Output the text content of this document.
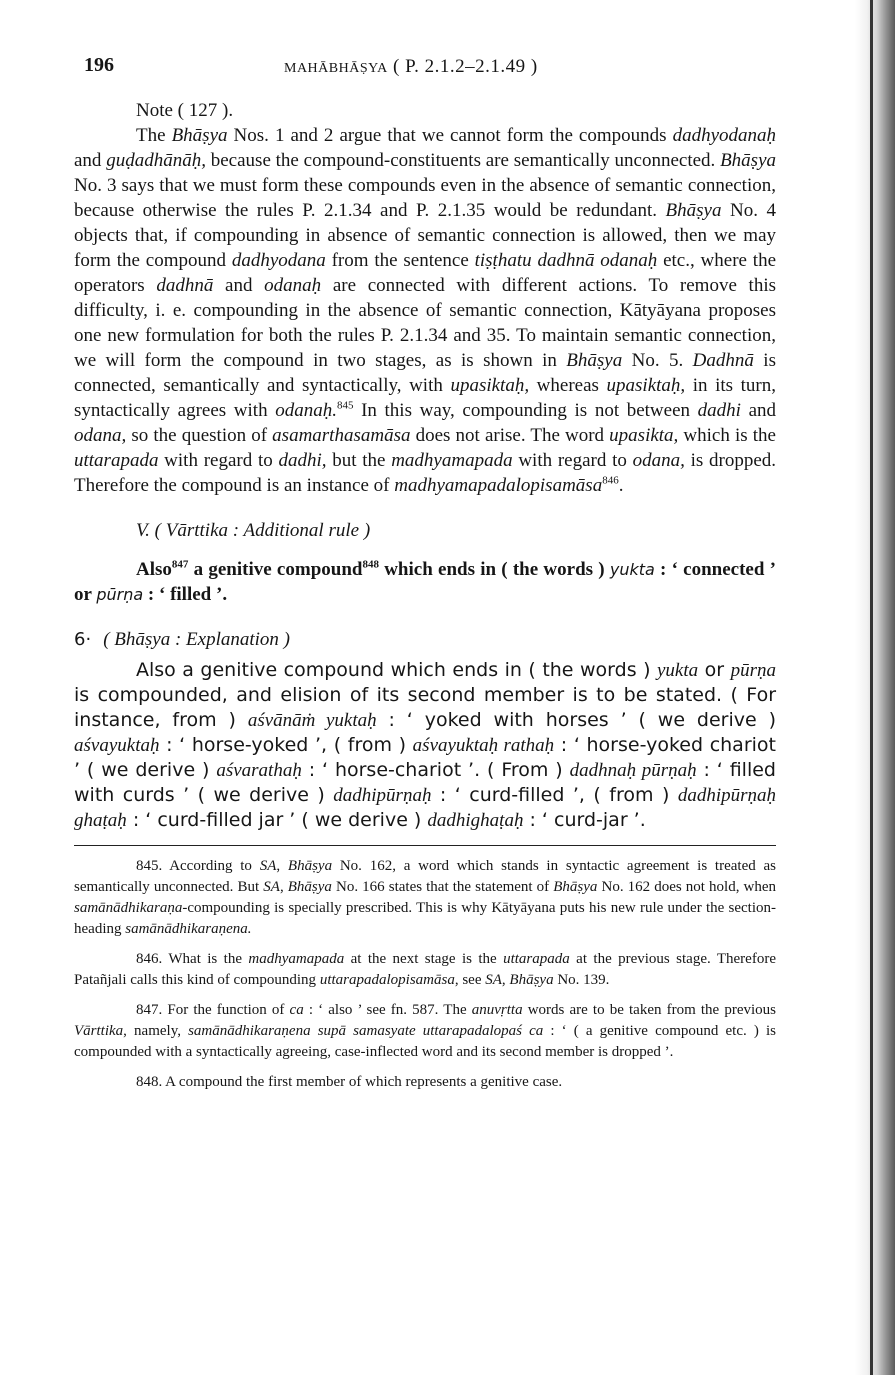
196	MAHĀBHĀṢYA ( P. 2.1.2–2.1.49 )

Note ( 127 ).

The Bhāṣya Nos. 1 and 2 argue that we cannot form the compounds dadhyodanaḥ and guḍadhānāḥ, because the compound-constituents are semantically unconnected. Bhāṣya No. 3 says that we must form these compounds even in the absence of semantic connection, because otherwise the rules P. 2.1.34 and P. 2.1.35 would be redundant. Bhāṣya No. 4 objects that, if compounding in absence of semantic connection is allowed, then we may form the compound dadhyodana from the sentence tiṣṭhatu dadhnā odanaḥ etc., where the operators dadhnā and odanaḥ are connected with different actions. To remove this difficulty, i. e. compounding in the absence of semantic connection, Kātyāyana proposes one new formulation for both the rules P. 2.1.34 and 35. To maintain semantic connection, we will form the compound in two stages, as is shown in Bhāṣya No. 5. Dadhnā is connected, semantically and syntactically, with upasiktaḥ, whereas upasiktaḥ, in its turn, syntactically agrees with odanaḥ.$^{845}$ In this way, compounding is not between dadhi and odana, so the question of asamarthasamāsa does not arise. The word upasikta, which is the uttarapada with regard to dadhi, but the madhyamapada with regard to odana, is dropped. Therefore the compound is an instance of madhyamapadalopisamāsa$^{846}$.

V. ( Vārttika : Additional rule )

Also$^{847}$ a genitive compound$^{848}$ which ends in ( the words ) yukta : ‘ connected ’ or pūrṇa : ‘ filled ’.

6· ( Bhāṣya : Explanation )

Also a genitive compound which ends in ( the words ) yukta or pūrṇa is compounded, and elision of its second member is to be stated. ( For instance, from ) aśvānāṁ yuktaḥ : ‘ yoked with horses ’ ( we derive ) aśvayuktaḥ : ‘ horse-yoked ’, ( from ) aśvayuktaḥ rathaḥ : ‘ horse-yoked chariot ’ ( we derive ) aśvarathaḥ : ‘ horse-chariot ’. ( From ) dadhnaḥ pūrṇaḥ : ‘ filled with curds ’ ( we derive ) dadhipūrṇaḥ : ‘ curd-filled ’, ( from ) dadhipūrṇaḥ ghaṭaḥ : ‘ curd-filled jar ’ ( we derive ) dadhighaṭaḥ : ‘ curd-jar ’.

845. According to SA, Bhāṣya No. 162, a word which stands in syntactic agreement is treated as semantically unconnected. But SA, Bhāṣya No. 166 states that the statement of Bhāṣya No. 162 does not hold, when samānādhikaraṇa-compounding is specially prescribed. This is why Kātyāyana puts his new rule under the section-heading samānādhikaraṇena.

846. What is the madhyamapada at the next stage is the uttarapada at the previous stage. Therefore Patañjali calls this kind of compounding uttarapadalopisamāsa, see SA, Bhāṣya No. 139.

847. For the function of ca : ‘ also ’ see fn. 587. The anuvṛtta words are to be taken from the previous Vārttika, namely, samānādhikaraṇena supā samasyate uttarapadalopaś ca : ‘ ( a genitive compound etc. ) is compounded with a syntactically agreeing, case-inflected word and its second member is dropped ’.

848. A compound the first member of which represents a genitive case.
